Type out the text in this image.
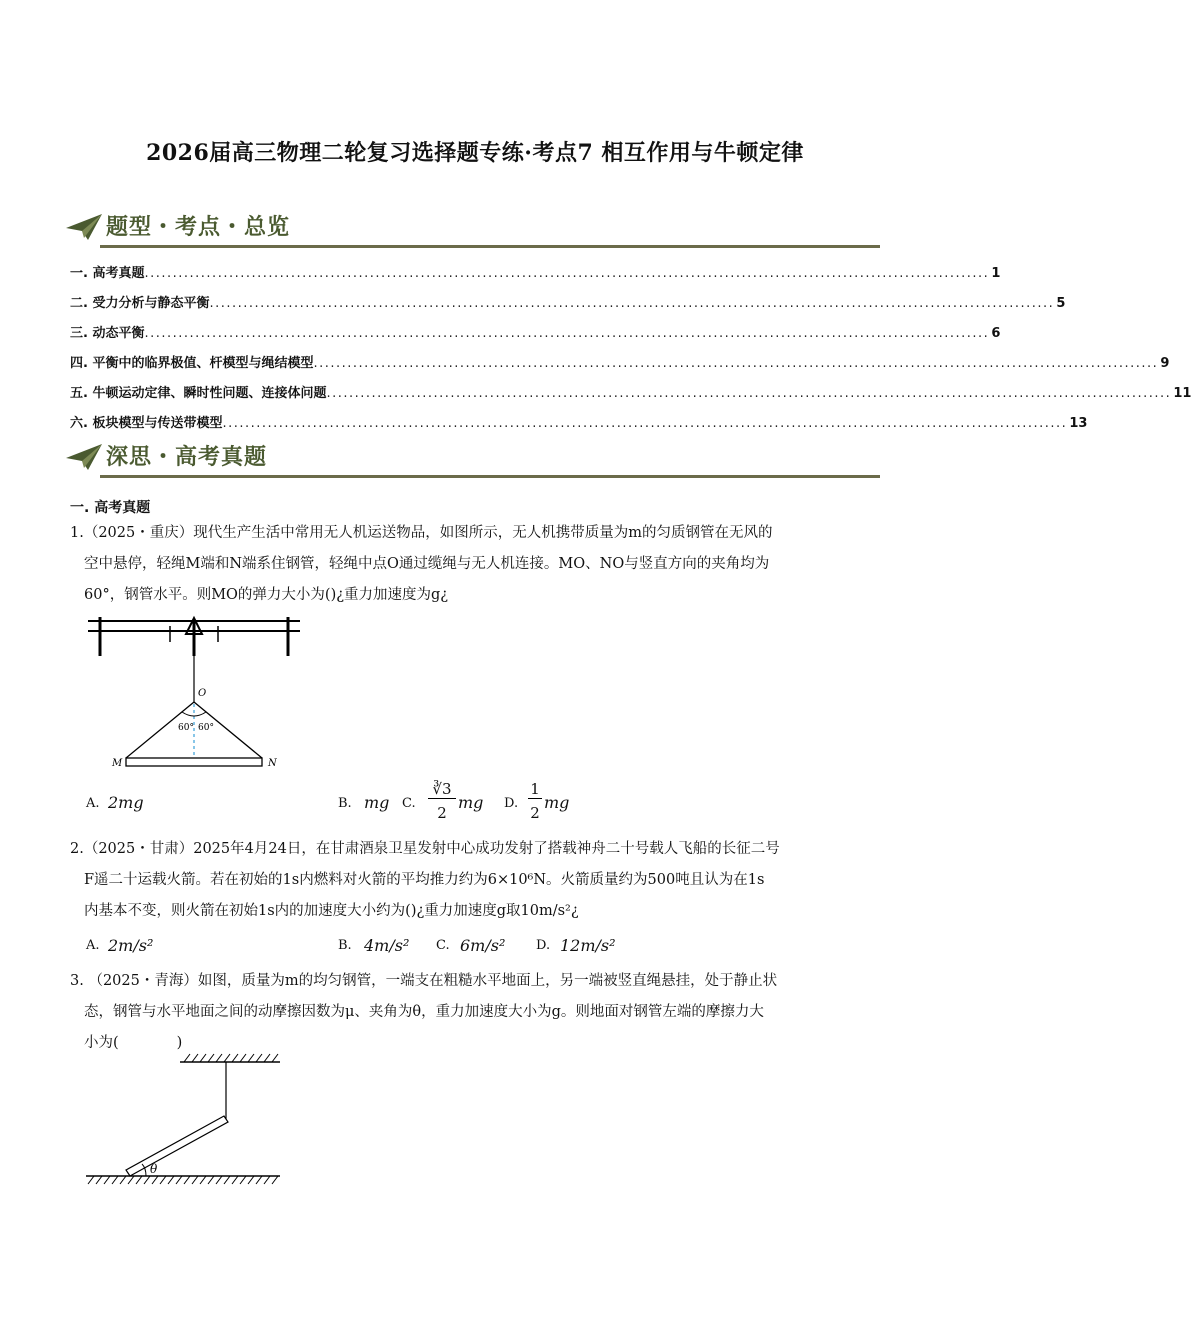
2026届高三物理二轮复习选择题专练·考点7 相互作用与牛顿定律
题型・考点・总览
一. 高考真题 ...................................................................................................................................................... 1
二. 受力分析与静态平衡 ...................................................................................................................................................... 5
三. 动态平衡 ...................................................................................................................................................... 6
四. 平衡中的临界极值、杆模型与绳结模型 ...................................................................................................................................................... 9
五. 牛顿运动定律、瞬时性问题、连接体问题 ...................................................................................................................................................... 11
六. 板块模型与传送带模型 ...................................................................................................................................................... 13
深思・高考真题
一. 高考真题
1.（2025・重庆）现代生产生活中常用无人机运送物品，如图所示，无人机携带质量为m的匀质钢管在无风的
空中悬停，轻绳M端和N端系住钢管，轻绳中点O通过缆绳与无人机连接。MO、NO与竖直方向的夹角均为
60°，钢管水平。则MO的弹力大小为()¿重力加速度为g¿
O
60° 60°
M	N
A. 2mg	B. mg C.
∛3
2
mg D.
1
2
mg
2.（2025・甘肃）2025年4月24日，在甘肃酒泉卫星发射中心成功发射了搭载神舟二十号载人飞船的长征二号
F遥二十运载火箭。若在初始的1s内燃料对火箭的平均推力约为6×10⁶N。火箭质量约为500吨且认为在1s
内基本不变，则火箭在初始1s内的加速度大小约为()¿重力加速度g取10m/s²¿
A. 2m/s²	B. 4m/s² C. 6m/s² D. 12m/s²
3. （2025・青海）如图，质量为m的均匀钢管，一端支在粗糙水平地面上，另一端被竖直绳悬挂，处于静止状
态，钢管与水平地面之间的动摩擦因数为μ、夹角为θ，重力加速度大小为g。则地面对钢管左端的摩擦力大
小为(　　　　)
θ
